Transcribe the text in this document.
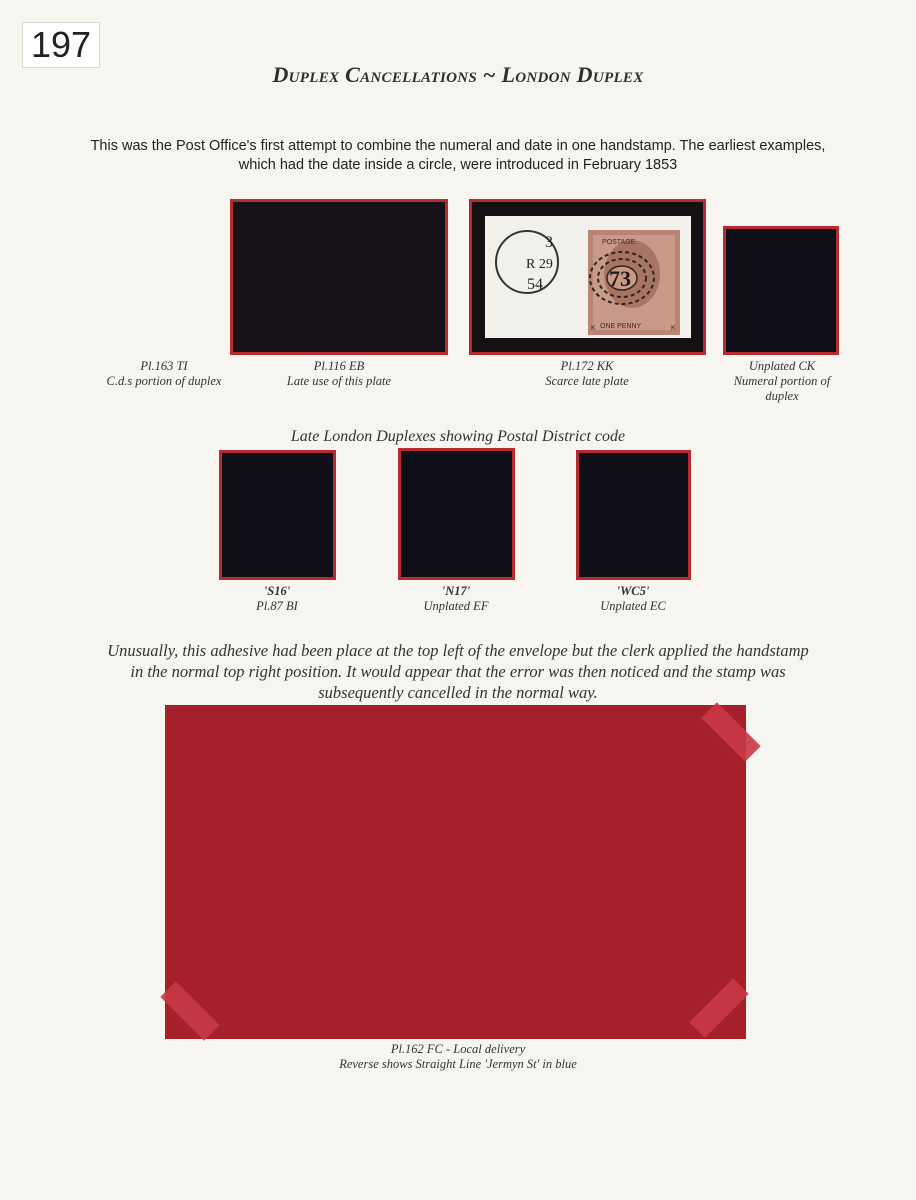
197
Duplex Cancellations ~ London Duplex
This was the Post Office's first attempt to combine the numeral and date in one handstamp. The earliest examples, which had the date inside a circle, were introduced in February 1853
3
R 29
54
POSTAGE
ONE PENNY
K	K
73
Pl.163 TI
C.d.s portion of duplex
Pl.116 EB
Late use of this plate
Pl.172 KK
Scarce late plate
Unplated CK
Numeral portion of duplex
Late London Duplexes showing Postal District code
'S16'
Pl.87 BI
'N17'
Unplated EF
'WC5'
Unplated EC
Unusually, this adhesive had been place at the top left of the envelope but the clerk applied the handstamp in the normal top right position. It would appear that the error was then noticed and the stamp was subsequently cancelled in the normal way.
Pl.162 FC - Local delivery
Reverse shows Straight Line 'Jermyn St' in blue
